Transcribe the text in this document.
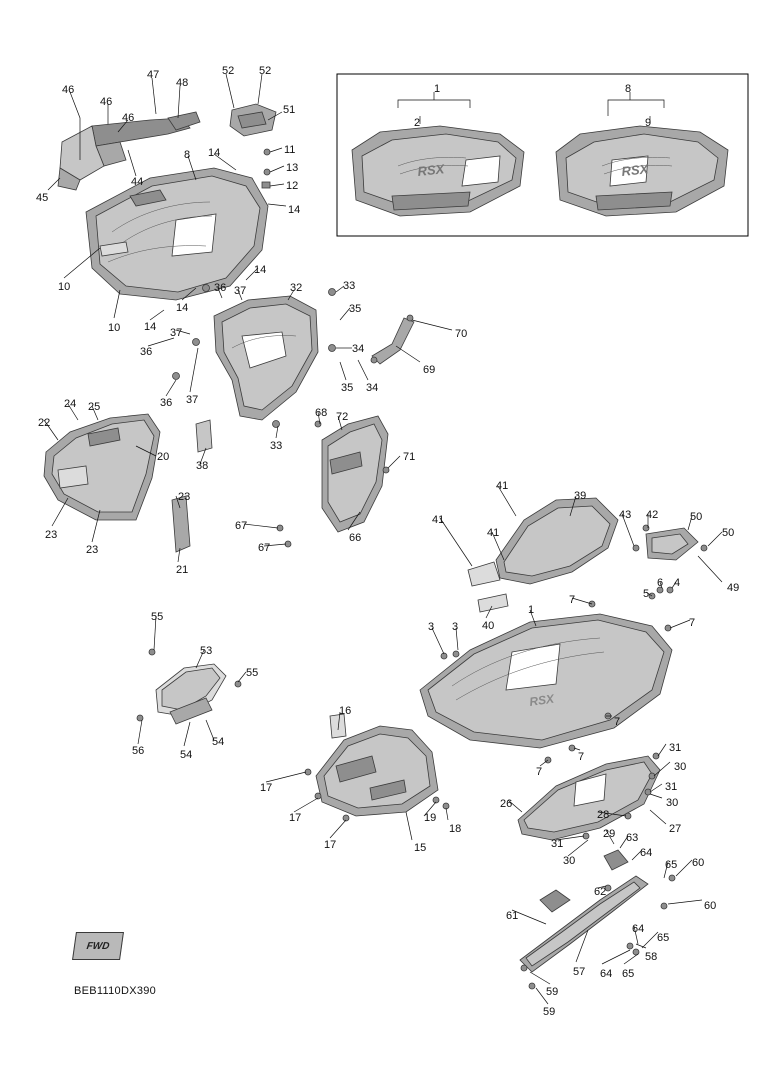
RSX	RSX
RSX
46
46
46
47
48
45
44
52 52
51
8 14	11
13
12
14
10
10
14
14
14
36 37
36
37
36 37
32	33
35
34
35 34
33
70
69
24 25
22
20
38
23
23
23
21
68 72
71
67
67
66
41
41
41
39
43 42	50
50
49
5
6 4
40
1
7
7
3 3
7
7
7
55
53
55
56	54
54
16
17
17
17
19
18
15
31
30
31
30
26
28
27
29 63
31
30
64
65 60
62
60
61
64
65
57 64 65
58
59
59
1
2
8
9
FWD
BEB1110DX390
